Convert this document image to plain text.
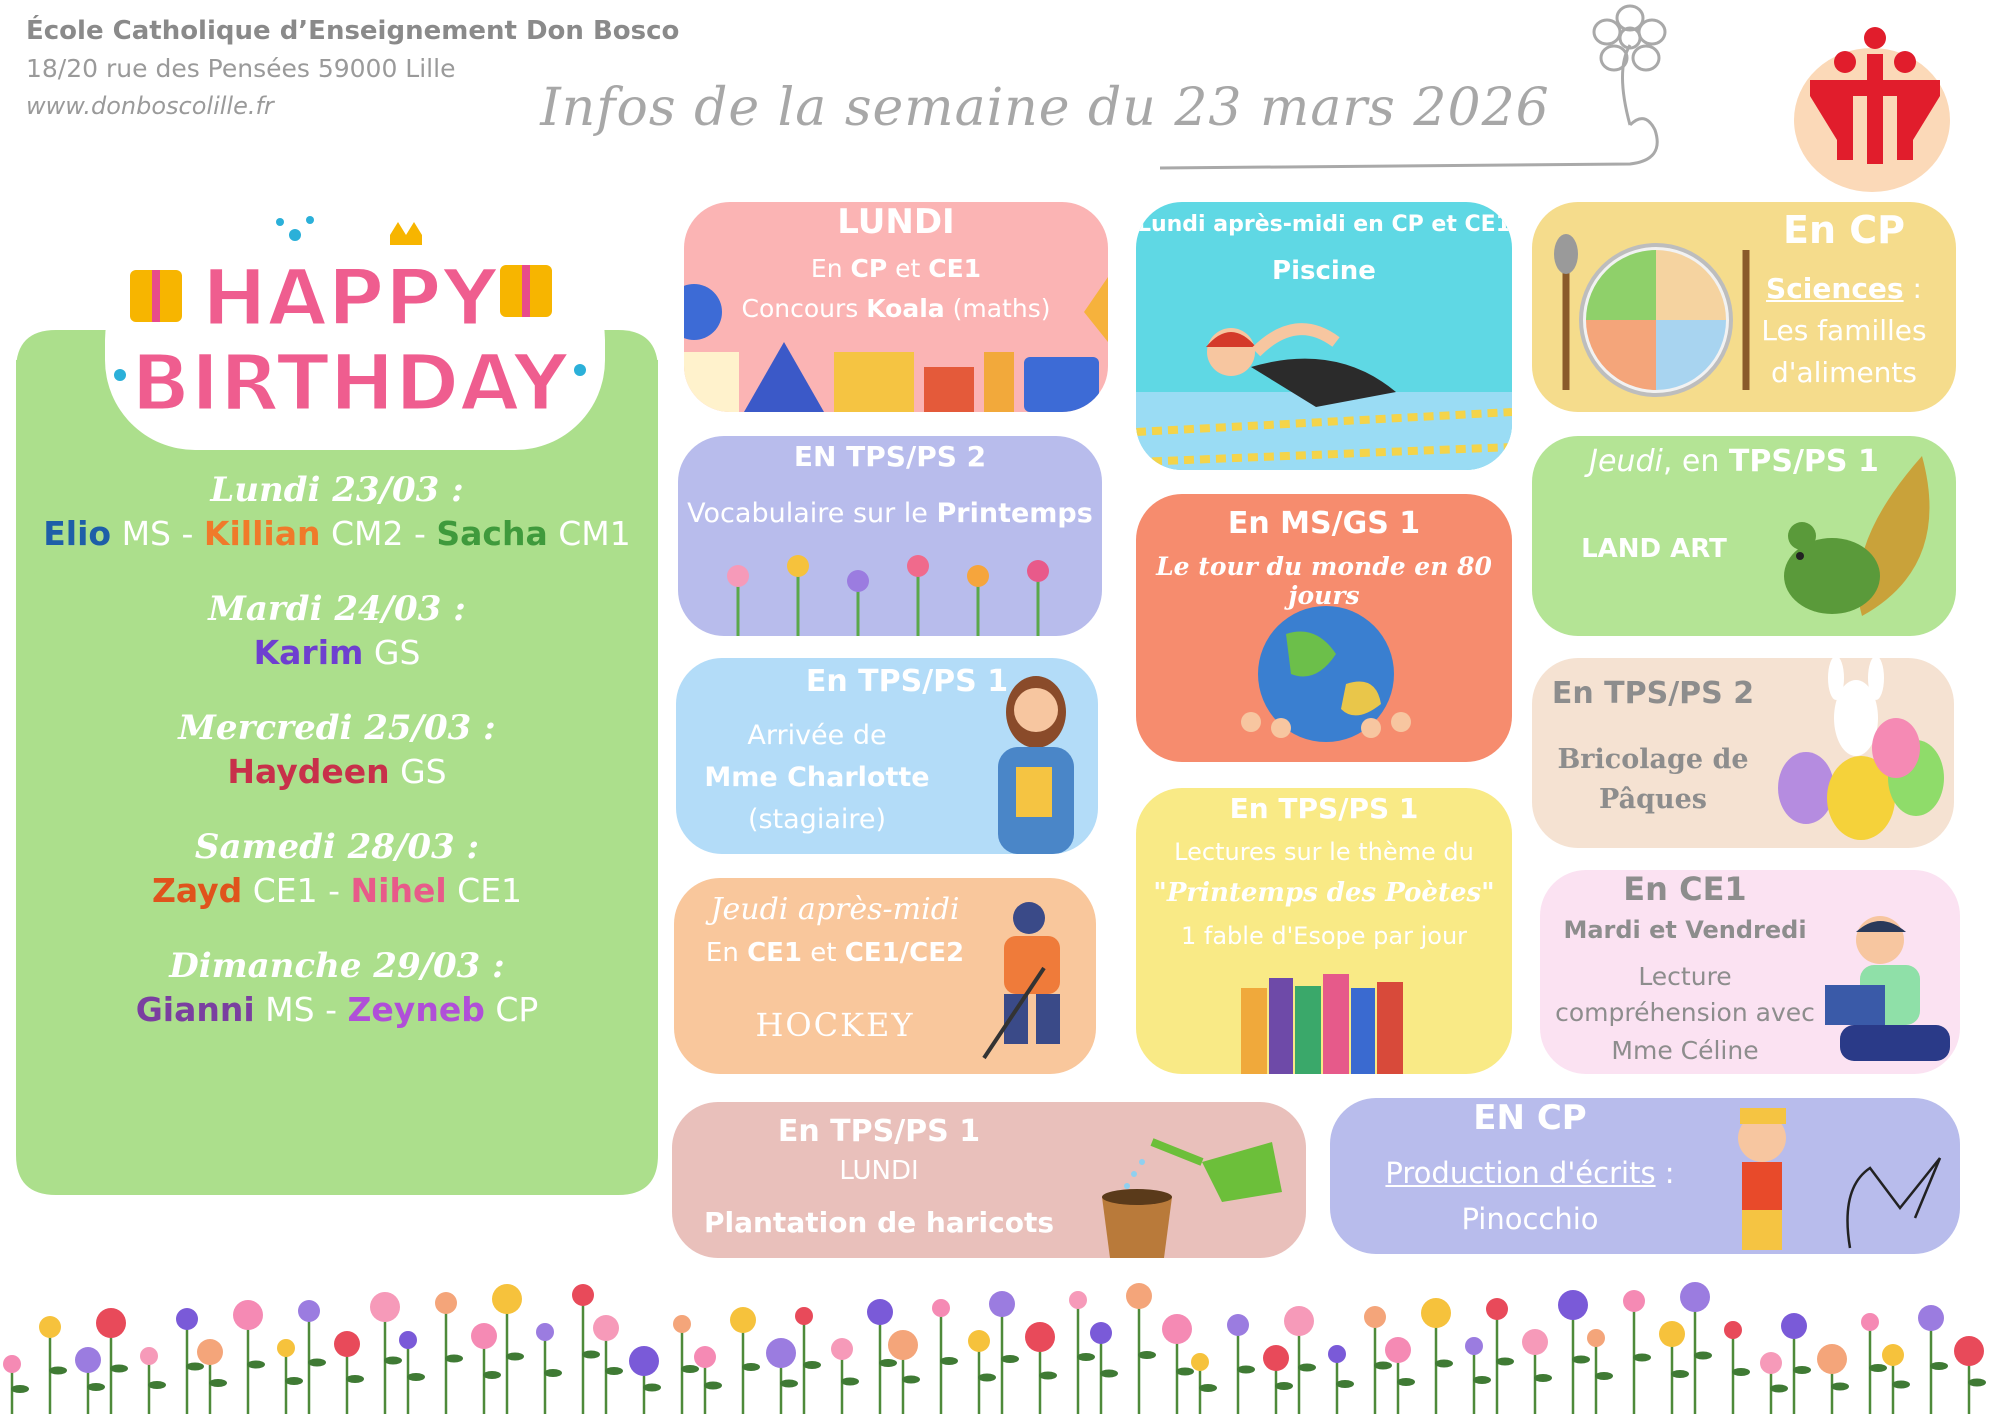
École Catholique d’Enseignement Don Bosco
18/20 rue des Pensées 59000 Lille
www.donboscolille.fr	Infos de la semaine du 23 mars 2026
HAPPY
BIRTHDAY
Lundi 23/03 :
Elio MS - Killian CM2 - Sacha CM1
Mardi 24/03 :
Karim GS
Mercredi 25/03 :
Haydeen GS
Samedi 28/03 :
Zayd CE1 - Nihel CE1
Dimanche 29/03 :
Gianni MS - Zeyneb CP
LUNDI
En CP et CE1
Concours Koala (maths)
EN TPS/PS 2
Vocabulaire sur le Printemps
En TPS/PS 1
Arrivée de
Mme Charlotte
(stagiaire)
Jeudi après-midi
En CE1 et CE1/CE2
HOCKEY
Lundi après-midi en CP et CE1
Piscine
En MS/GS 1
Le tour du monde en 80 jours
En TPS/PS 1
Lectures sur le thème du
"Printemps des Poètes"
1 fable d'Esope par jour
En CP
Sciences :
Les familles
d'aliments
Jeudi, en TPS/PS 1
LAND ART
En TPS/PS 2
Bricolage de
Pâques
En CE1
Mardi et Vendredi
Lecture
compréhension avec
Mme Céline
En TPS/PS 1
LUNDI
Plantation de haricots
EN CP
Production d'écrits :
Pinocchio
